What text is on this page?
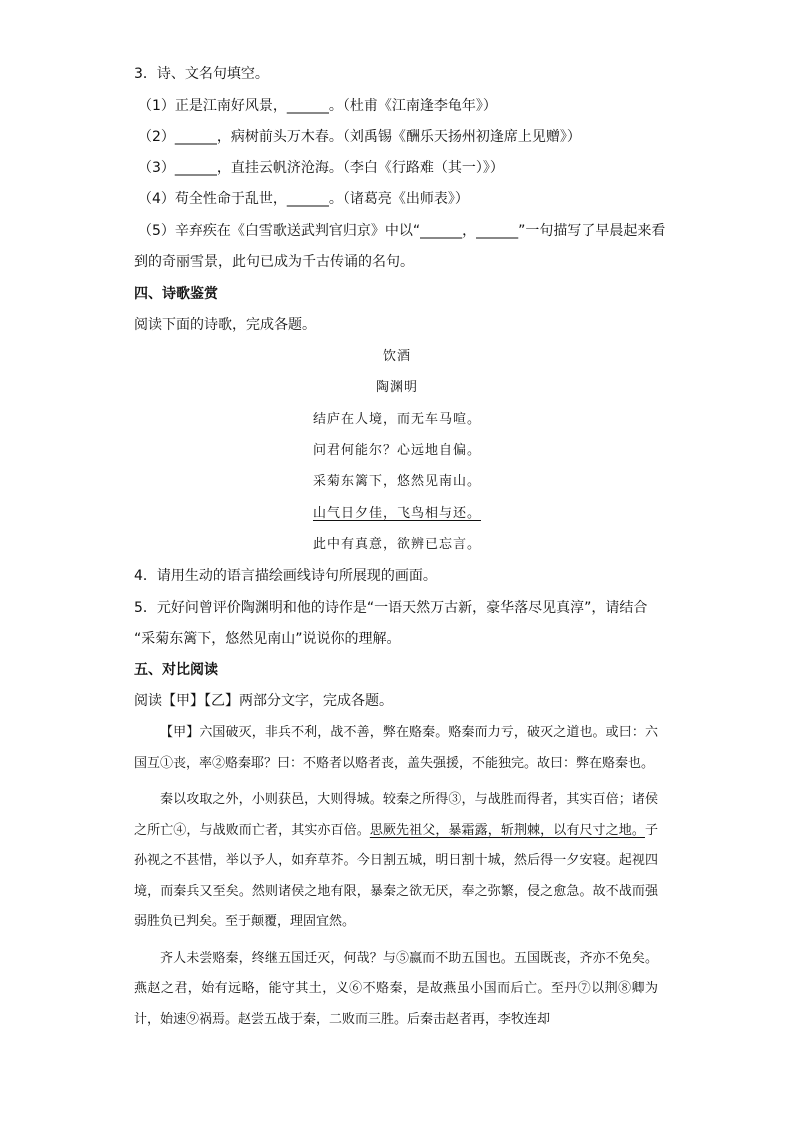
3．诗、文名句填空。
（1）正是江南好风景，______。（杜甫《江南逢李龟年》）
（2）______，病树前头万木春。（刘禹锡《酬乐天扬州初逢席上见赠》）
（3）______，直挂云帆济沧海。（李白《行路难（其一）》）
（4）苟全性命于乱世，______。（诸葛亮《出师表》）
（5）辛弃疾在《白雪歌送武判官归京》中以“______，______”一句描写了早晨起来看
到的奇丽雪景，此句已成为千古传诵的名句。
四、诗歌鉴赏
阅读下面的诗歌，完成各题。
饮酒
陶渊明
结庐在人境，而无车马喧。
问君何能尔？心远地自偏。
采菊东篱下，悠然见南山。
山气日夕佳，飞鸟相与还。
此中有真意，欲辨已忘言。
4．请用生动的语言描绘画线诗句所展现的画面。
5．元好问曾评价陶渊明和他的诗作是“一语天然万古新，豪华落尽见真淳”，请结合
“采菊东篱下，悠然见南山”说说你的理解。
五、对比阅读
阅读【甲】【乙】两部分文字，完成各题。
【甲】六国破灭，非兵不利，战不善，弊在赂秦。赂秦而力亏，破灭之道也。或曰：六国互①丧，率②赂秦耶？曰：不赂者以赂者丧，盖失强援，不能独完。故曰：弊在赂秦也。
秦以攻取之外，小则获邑，大则得城。较秦之所得③，与战胜而得者，其实百倍；诸侯之所亡④，与战败而亡者，其实亦百倍。思厥先祖父，暴霜露，斩荆棘，以有尺寸之地。子孙视之不甚惜，举以予人，如弃草芥。今日割五城，明日割十城，然后得一夕安寝。起视四境，而秦兵又至矣。然则诸侯之地有限，暴秦之欲无厌，奉之弥繁，侵之愈急。故不战而强弱胜负已判矣。至于颠覆，理固宜然。
齐人未尝赂秦，终继五国迁灭，何哉？与⑤嬴而不助五国也。五国既丧，齐亦不免矣。燕赵之君，始有远略，能守其土，义⑥不赂秦，是故燕虽小国而后亡。至丹⑦以荆⑧卿为计，始速⑨祸焉。赵尝五战于秦，二败而三胜。后秦击赵者再，李牧连却
